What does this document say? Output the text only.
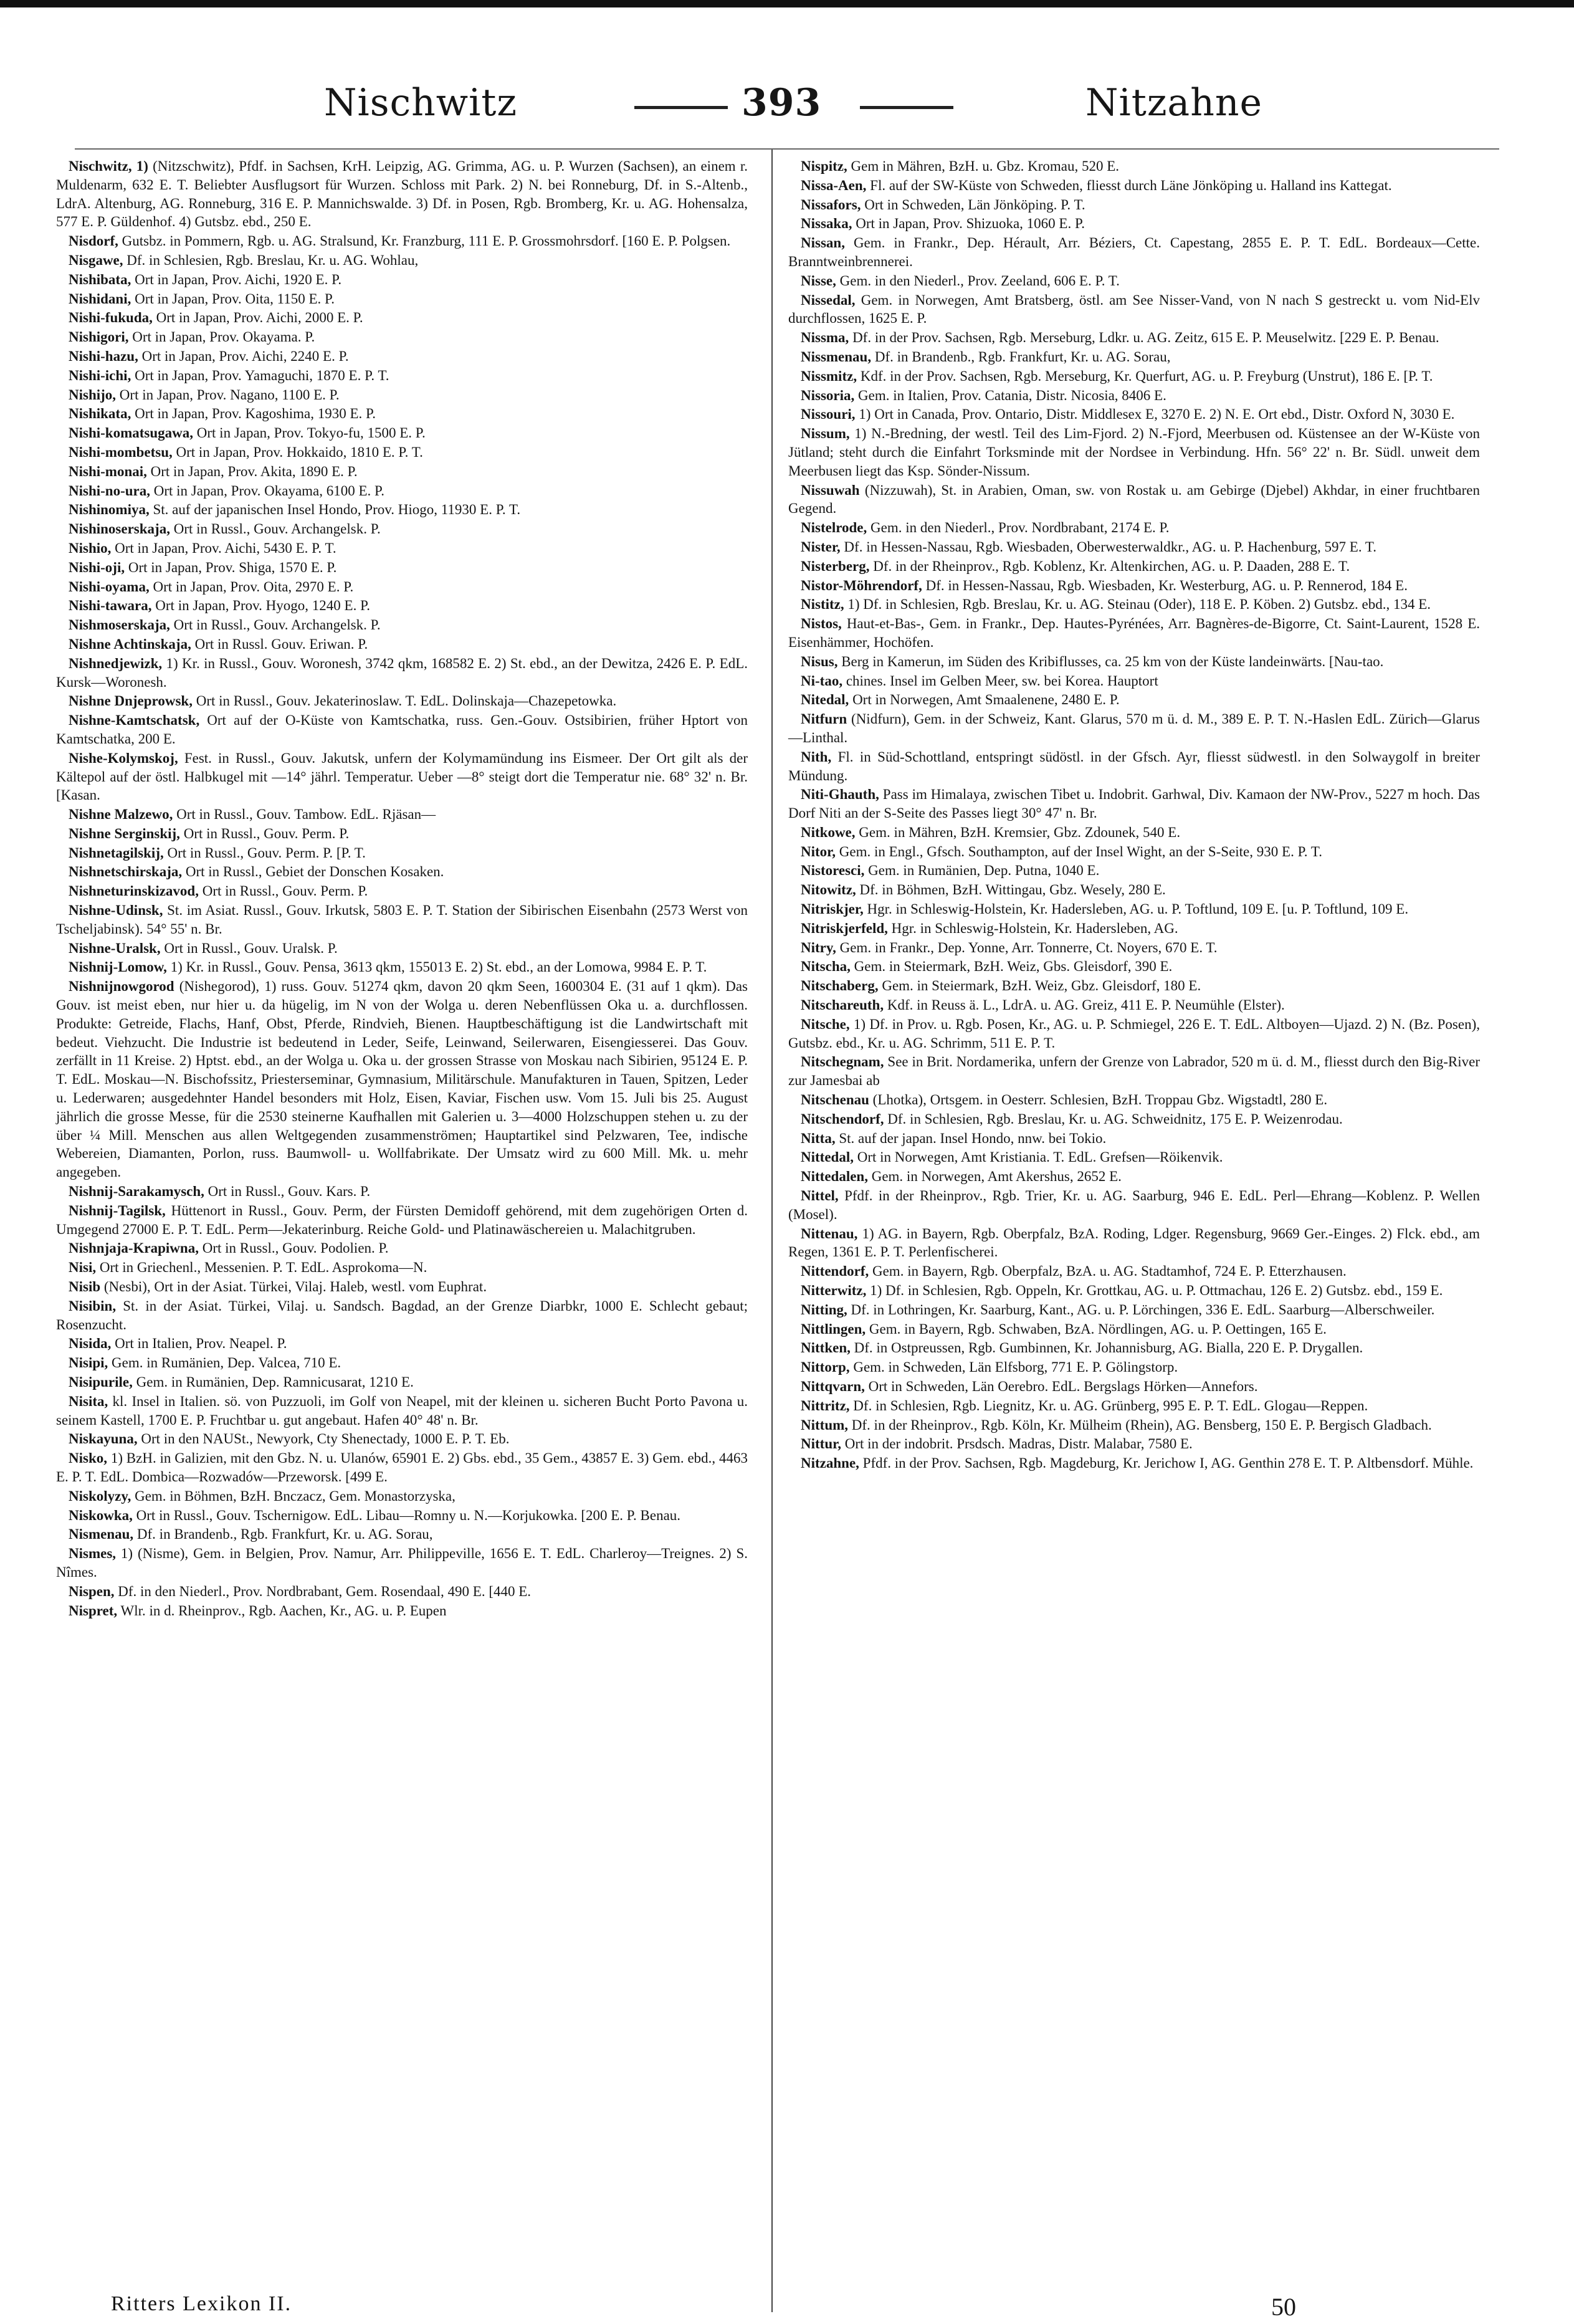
Nischwitz	393	Nitzahne

Nischwitz, 1) (Nitzschwitz), Pfdf. in Sachsen, KrH. Leipzig, AG. Grimma, AG. u. P. Wurzen (Sachsen), an einem r. Muldenarm, 632 E. T. Beliebter Ausflugsort für Wurzen. Schloss mit Park. 2) N. bei Ronneburg, Df. in S.-Altenb., LdrA. Altenburg, AG. Ronneburg, 316 E. P. Mannichswalde. 3) Df. in Posen, Rgb. Bromberg, Kr. u. AG. Hohensalza, 577 E. P. Güldenhof. 4) Gutsbz. ebd., 250 E.

Nisdorf, Gutsbz. in Pommern, Rgb. u. AG. Stralsund, Kr. Franzburg, 111 E. P. Grossmohrsdorf. [160 E. P. Polgsen.

Nisgawe, Df. in Schlesien, Rgb. Breslau, Kr. u. AG. Wohlau,

Nishibata, Ort in Japan, Prov. Aichi, 1920 E. P.

Nishidani, Ort in Japan, Prov. Oita, 1150 E. P.

Nishi-fukuda, Ort in Japan, Prov. Aichi, 2000 E. P.

Nishigori, Ort in Japan, Prov. Okayama. P.

Nishi-hazu, Ort in Japan, Prov. Aichi, 2240 E. P.

Nishi-ichi, Ort in Japan, Prov. Yamaguchi, 1870 E. P. T.

Nishijo, Ort in Japan, Prov. Nagano, 1100 E. P.

Nishikata, Ort in Japan, Prov. Kagoshima, 1930 E. P.

Nishi-komatsugawa, Ort in Japan, Prov. Tokyo-fu, 1500 E. P.

Nishi-mombetsu, Ort in Japan, Prov. Hokkaido, 1810 E. P. T.

Nishi-monai, Ort in Japan, Prov. Akita, 1890 E. P.

Nishi-no-ura, Ort in Japan, Prov. Okayama, 6100 E. P.

Nishinomiya, St. auf der japanischen Insel Hondo, Prov. Hiogo, 11930 E. P. T.

Nishinoserskaja, Ort in Russl., Gouv. Archangelsk. P.

Nishio, Ort in Japan, Prov. Aichi, 5430 E. P. T.

Nishi-oji, Ort in Japan, Prov. Shiga, 1570 E. P.

Nishi-oyama, Ort in Japan, Prov. Oita, 2970 E. P.

Nishi-tawara, Ort in Japan, Prov. Hyogo, 1240 E. P.

Nishmoserskaja, Ort in Russl., Gouv. Archangelsk. P.

Nishne Achtinskaja, Ort in Russl. Gouv. Eriwan. P.

Nishnedjewizk, 1) Kr. in Russl., Gouv. Woronesh, 3742 qkm, 168582 E. 2) St. ebd., an der Dewitza, 2426 E. P. EdL. Kursk—Woronesh.

Nishne Dnjeprowsk, Ort in Russl., Gouv. Jekaterinoslaw. T. EdL. Dolinskaja—Chazepetowka.

Nishne-Kamtschatsk, Ort auf der O-Küste von Kamtschatka, russ. Gen.-Gouv. Ostsibirien, früher Hptort von Kamtschatka, 200 E.

Nishe-Kolymskoj, Fest. in Russl., Gouv. Jakutsk, unfern der Kolymamündung ins Eismeer. Der Ort gilt als der Kältepol auf der östl. Halbkugel mit —14° jährl. Temperatur. Ueber —8° steigt dort die Temperatur nie. 68° 32' n. Br. [Kasan.

Nishne Malzewo, Ort in Russl., Gouv. Tambow. EdL. Rjäsan—

Nishne Serginskij, Ort in Russl., Gouv. Perm. P.

Nishnetagilskij, Ort in Russl., Gouv. Perm. P. [P. T.

Nishnetschirskaja, Ort in Russl., Gebiet der Donschen Kosaken.

Nishneturinskizavod, Ort in Russl., Gouv. Perm. P.

Nishne-Udinsk, St. im Asiat. Russl., Gouv. Irkutsk, 5803 E. P. T. Station der Sibirischen Eisenbahn (2573 Werst von Tscheljabinsk). 54° 55' n. Br.

Nishne-Uralsk, Ort in Russl., Gouv. Uralsk. P.

Nishnij-Lomow, 1) Kr. in Russl., Gouv. Pensa, 3613 qkm, 155013 E. 2) St. ebd., an der Lomowa, 9984 E. P. T.

Nishnijnowgorod (Nishegorod), 1) russ. Gouv. 51274 qkm, davon 20 qkm Seen, 1600304 E. (31 auf 1 qkm). Das Gouv. ist meist eben, nur hier u. da hügelig, im N von der Wolga u. deren Nebenflüssen Oka u. a. durchflossen. Produkte: Getreide, Flachs, Hanf, Obst, Pferde, Rindvieh, Bienen. Hauptbeschäftigung ist die Landwirtschaft mit bedeut. Viehzucht. Die Industrie ist bedeutend in Leder, Seife, Leinwand, Seilerwaren, Eisengiesserei. Das Gouv. zerfällt in 11 Kreise. 2) Hptst. ebd., an der Wolga u. Oka u. der grossen Strasse von Moskau nach Sibirien, 95124 E. P. T. EdL. Moskau—N. Bischofssitz, Priesterseminar, Gymnasium, Militärschule. Manufakturen in Tauen, Spitzen, Leder u. Lederwaren; ausgedehnter Handel besonders mit Holz, Eisen, Kaviar, Fischen usw. Vom 15. Juli bis 25. August jährlich die grosse Messe, für die 2530 steinerne Kaufhallen mit Galerien u. 3—4000 Holzschuppen stehen u. zu der über ¼ Mill. Menschen aus allen Weltgegenden zusammenströmen; Hauptartikel sind Pelzwaren, Tee, indische Webereien, Diamanten, Porlon, russ. Baumwoll- u. Wollfabrikate. Der Umsatz wird zu 600 Mill. Mk. u. mehr angegeben.

Nishnij-Sarakamysch, Ort in Russl., Gouv. Kars. P.

Nishnij-Tagilsk, Hüttenort in Russl., Gouv. Perm, der Fürsten Demidoff gehörend, mit dem zugehörigen Orten d. Umgegend 27000 E. P. T. EdL. Perm—Jekaterinburg. Reiche Gold- und Platinawäschereien u. Malachitgruben.

Nishnjaja-Krapiwna, Ort in Russl., Gouv. Podolien. P.

Nisi, Ort in Griechenl., Messenien. P. T. EdL. Asprokoma—N.

Nisib (Nesbi), Ort in der Asiat. Türkei, Vilaj. Haleb, westl. vom Euphrat.

Nisibin, St. in der Asiat. Türkei, Vilaj. u. Sandsch. Bagdad, an der Grenze Diarbkr, 1000 E. Schlecht gebaut; Rosenzucht.

Nisida, Ort in Italien, Prov. Neapel. P.

Nisipi, Gem. in Rumänien, Dep. Valcea, 710 E.

Nisipurile, Gem. in Rumänien, Dep. Ramnicusarat, 1210 E.

Nisita, kl. Insel in Italien. sö. von Puzzuoli, im Golf von Neapel, mit der kleinen u. sicheren Bucht Porto Pavona u. seinem Kastell, 1700 E. P. Fruchtbar u. gut angebaut. Hafen 40° 48' n. Br.

Niskayuna, Ort in den NAUSt., Newyork, Cty Shenectady, 1000 E. P. T. Eb.

Nisko, 1) BzH. in Galizien, mit den Gbz. N. u. Ulanów, 65901 E. 2) Gbs. ebd., 35 Gem., 43857 E. 3) Gem. ebd., 4463 E. P. T. EdL. Dombica—Rozwadów—Przeworsk. [499 E.

Niskolyzy, Gem. in Böhmen, BzH. Bnczacz, Gem. Monastorzyska,

Niskowka, Ort in Russl., Gouv. Tschernigow. EdL. Libau—Romny u. N.—Korjukowka. [200 E. P. Benau.

Nismenau, Df. in Brandenb., Rgb. Frankfurt, Kr. u. AG. Sorau,

Nismes, 1) (Nisme), Gem. in Belgien, Prov. Namur, Arr. Philippeville, 1656 E. T. EdL. Charleroy—Treignes. 2) S. Nîmes.

Nispen, Df. in den Niederl., Prov. Nordbrabant, Gem. Rosendaal, 490 E. [440 E.

Nispret, Wlr. in d. Rheinprov., Rgb. Aachen, Kr., AG. u. P. Eupen

Nispitz, Gem in Mähren, BzH. u. Gbz. Kromau, 520 E.

Nissa-Aen, Fl. auf der SW-Küste von Schweden, fliesst durch Läne Jönköping u. Halland ins Kattegat.

Nissafors, Ort in Schweden, Län Jönköping. P. T.

Nissaka, Ort in Japan, Prov. Shizuoka, 1060 E. P.

Nissan, Gem. in Frankr., Dep. Hérault, Arr. Béziers, Ct. Capestang, 2855 E. P. T. EdL. Bordeaux—Cette. Branntweinbrennerei.

Nisse, Gem. in den Niederl., Prov. Zeeland, 606 E. P. T.

Nissedal, Gem. in Norwegen, Amt Bratsberg, östl. am See Nisser-Vand, von N nach S gestreckt u. vom Nid-Elv durchflossen, 1625 E. P.

Nissma, Df. in der Prov. Sachsen, Rgb. Merseburg, Ldkr. u. AG. Zeitz, 615 E. P. Meuselwitz. [229 E. P. Benau.

Nissmenau, Df. in Brandenb., Rgb. Frankfurt, Kr. u. AG. Sorau,

Nissmitz, Kdf. in der Prov. Sachsen, Rgb. Merseburg, Kr. Querfurt, AG. u. P. Freyburg (Unstrut), 186 E. [P. T.

Nissoria, Gem. in Italien, Prov. Catania, Distr. Nicosia, 8406 E.

Nissouri, 1) Ort in Canada, Prov. Ontario, Distr. Middlesex E, 3270 E. 2) N. E. Ort ebd., Distr. Oxford N, 3030 E.

Nissum, 1) N.-Bredning, der westl. Teil des Lim-Fjord. 2) N.-Fjord, Meerbusen od. Küstensee an der W-Küste von Jütland; steht durch die Einfahrt Torksminde mit der Nordsee in Verbindung. Hfn. 56° 22' n. Br. Südl. unweit dem Meerbusen liegt das Ksp. Sönder-Nissum.

Nissuwah (Nizzuwah), St. in Arabien, Oman, sw. von Rostak u. am Gebirge (Djebel) Akhdar, in einer fruchtbaren Gegend.

Nistelrode, Gem. in den Niederl., Prov. Nordbrabant, 2174 E. P.

Nister, Df. in Hessen-Nassau, Rgb. Wiesbaden, Oberwesterwaldkr., AG. u. P. Hachenburg, 597 E. T.

Nisterberg, Df. in der Rheinprov., Rgb. Koblenz, Kr. Altenkirchen, AG. u. P. Daaden, 288 E. T.

Nistor-Möhrendorf, Df. in Hessen-Nassau, Rgb. Wiesbaden, Kr. Westerburg, AG. u. P. Rennerod, 184 E.

Nistitz, 1) Df. in Schlesien, Rgb. Breslau, Kr. u. AG. Steinau (Oder), 118 E. P. Köben. 2) Gutsbz. ebd., 134 E.

Nistos, Haut-et-Bas-, Gem. in Frankr., Dep. Hautes-Pyrénées, Arr. Bagnères-de-Bigorre, Ct. Saint-Laurent, 1528 E. Eisenhämmer, Hochöfen.

Nisus, Berg in Kamerun, im Süden des Kribiflusses, ca. 25 km von der Küste landeinwärts. [Nau-tao.

Ni-tao, chines. Insel im Gelben Meer, sw. bei Korea. Hauptort

Nitedal, Ort in Norwegen, Amt Smaalenene, 2480 E. P.

Nitfurn (Nidfurn), Gem. in der Schweiz, Kant. Glarus, 570 m ü. d. M., 389 E. P. T. N.-Haslen EdL. Zürich—Glarus—Linthal.

Nith, Fl. in Süd-Schottland, entspringt südöstl. in der Gfsch. Ayr, fliesst südwestl. in den Solwaygolf in breiter Mündung.

Niti-Ghauth, Pass im Himalaya, zwischen Tibet u. Indobrit. Garhwal, Div. Kamaon der NW-Prov., 5227 m hoch. Das Dorf Niti an der S-Seite des Passes liegt 30° 47' n. Br.

Nitkowe, Gem. in Mähren, BzH. Kremsier, Gbz. Zdounek, 540 E.

Nitor, Gem. in Engl., Gfsch. Southampton, auf der Insel Wight, an der S-Seite, 930 E. P. T.

Nistoresci, Gem. in Rumänien, Dep. Putna, 1040 E.

Nitowitz, Df. in Böhmen, BzH. Wittingau, Gbz. Wesely, 280 E.

Nitriskjer, Hgr. in Schleswig-Holstein, Kr. Hadersleben, AG. u. P. Toftlund, 109 E. [u. P. Toftlund, 109 E.

Nitriskjerfeld, Hgr. in Schleswig-Holstein, Kr. Hadersleben, AG.

Nitry, Gem. in Frankr., Dep. Yonne, Arr. Tonnerre, Ct. Noyers, 670 E. T.

Nitscha, Gem. in Steiermark, BzH. Weiz, Gbs. Gleisdorf, 390 E.

Nitschaberg, Gem. in Steiermark, BzH. Weiz, Gbz. Gleisdorf, 180 E.

Nitschareuth, Kdf. in Reuss ä. L., LdrA. u. AG. Greiz, 411 E. P. Neumühle (Elster).

Nitsche, 1) Df. in Prov. u. Rgb. Posen, Kr., AG. u. P. Schmiegel, 226 E. T. EdL. Altboyen—Ujazd. 2) N. (Bz. Posen), Gutsbz. ebd., Kr. u. AG. Schrimm, 511 E. P. T.

Nitschegnam, See in Brit. Nordamerika, unfern der Grenze von Labrador, 520 m ü. d. M., fliesst durch den Big-River zur Jamesbai ab

Nitschenau (Lhotka), Ortsgem. in Oesterr. Schlesien, BzH. Troppau Gbz. Wigstadtl, 280 E.

Nitschendorf, Df. in Schlesien, Rgb. Breslau, Kr. u. AG. Schweidnitz, 175 E. P. Weizenrodau.

Nitta, St. auf der japan. Insel Hondo, nnw. bei Tokio.

Nittedal, Ort in Norwegen, Amt Kristiania. T. EdL. Grefsen—Röikenvik.

Nittedalen, Gem. in Norwegen, Amt Akershus, 2652 E.

Nittel, Pfdf. in der Rheinprov., Rgb. Trier, Kr. u. AG. Saarburg, 946 E. EdL. Perl—Ehrang—Koblenz. P. Wellen (Mosel).

Nittenau, 1) AG. in Bayern, Rgb. Oberpfalz, BzA. Roding, Ldger. Regensburg, 9669 Ger.-Einges. 2) Flck. ebd., am Regen, 1361 E. P. T. Perlenfischerei.

Nittendorf, Gem. in Bayern, Rgb. Oberpfalz, BzA. u. AG. Stadtamhof, 724 E. P. Etterzhausen.

Nitterwitz, 1) Df. in Schlesien, Rgb. Oppeln, Kr. Grottkau, AG. u. P. Ottmachau, 126 E. 2) Gutsbz. ebd., 159 E.

Nitting, Df. in Lothringen, Kr. Saarburg, Kant., AG. u. P. Lörchingen, 336 E. EdL. Saarburg—Alberschweiler.

Nittlingen, Gem. in Bayern, Rgb. Schwaben, BzA. Nördlingen, AG. u. P. Oettingen, 165 E.

Nittken, Df. in Ostpreussen, Rgb. Gumbinnen, Kr. Johannisburg, AG. Bialla, 220 E. P. Drygallen.

Nittorp, Gem. in Schweden, Län Elfsborg, 771 E. P. Gölingstorp.

Nittqvarn, Ort in Schweden, Län Oerebro. EdL. Bergslags Hörken—Annefors.

Nittritz, Df. in Schlesien, Rgb. Liegnitz, Kr. u. AG. Grünberg, 995 E. P. T. EdL. Glogau—Reppen.

Nittum, Df. in der Rheinprov., Rgb. Köln, Kr. Mülheim (Rhein), AG. Bensberg, 150 E. P. Bergisch Gladbach.

Nittur, Ort in der indobrit. Prsdsch. Madras, Distr. Malabar, 7580 E.

Nitzahne, Pfdf. in der Prov. Sachsen, Rgb. Magdeburg, Kr. Jerichow I, AG. Genthin 278 E. T. P. Altbensdorf. Mühle.

Ritters Lexikon II.	50
